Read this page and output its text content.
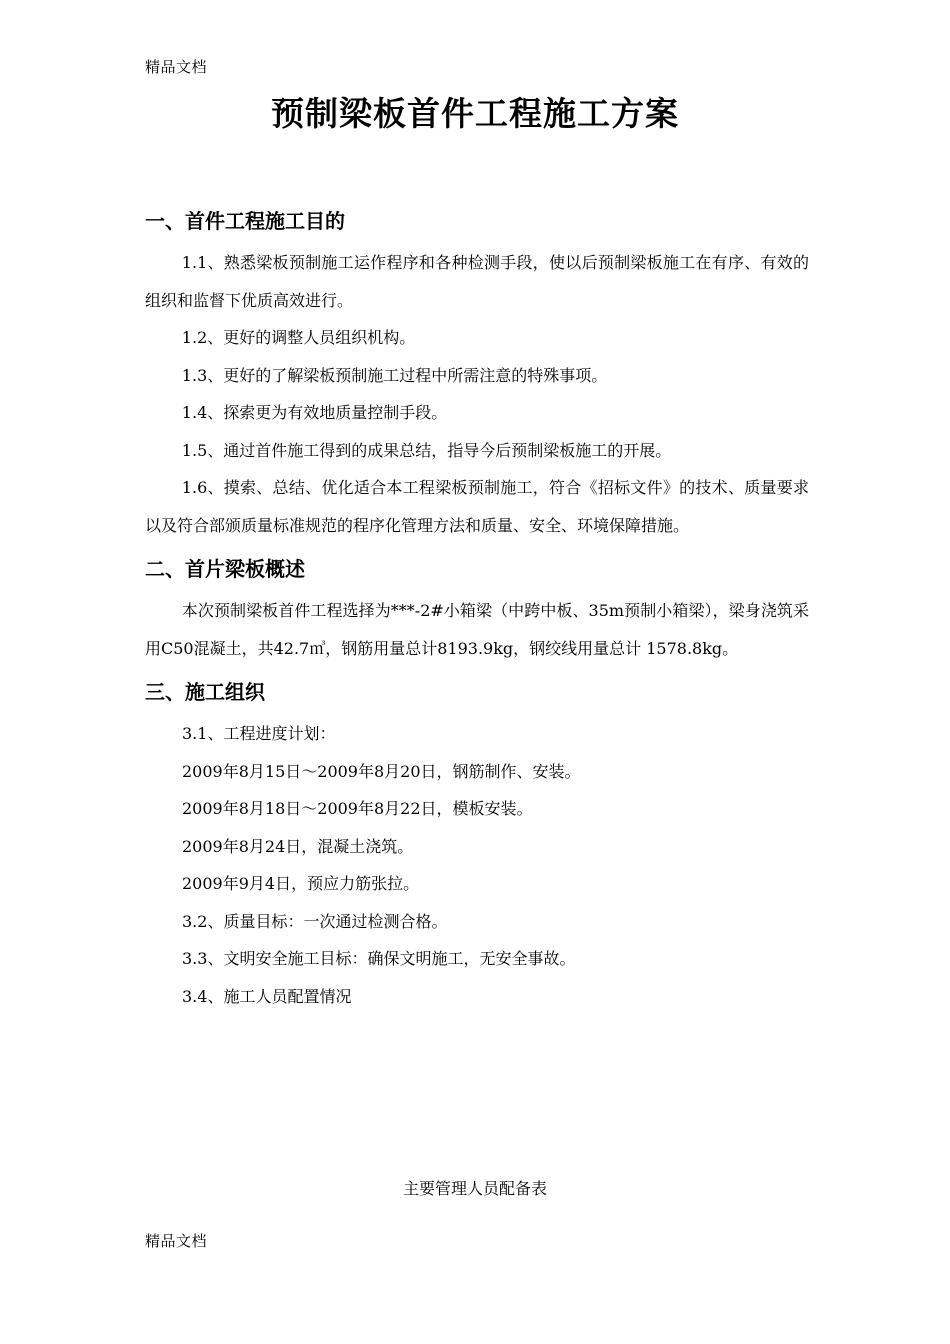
精品文档
预制梁板首件工程施工方案
一、首件工程施工目的

1.1、熟悉梁板预制施工运作程序和各种检测手段，使以后预制梁板施工在有序、有效的组织和监督下优质高效进行。

1.2、更好的调整人员组织机构。

1.3、更好的了解梁板预制施工过程中所需注意的特殊事项。

1.4、探索更为有效地质量控制手段。

1.5、通过首件施工得到的成果总结，指导今后预制梁板施工的开展。

1.6、摸索、总结、优化适合本工程梁板预制施工，符合《招标文件》的技术、质量要求以及符合部颁质量标准规范的程序化管理方法和质量、安全、环境保障措施。

二、首片梁板概述

本次预制梁板首件工程选择为***-2#小箱梁（中跨中板、35m预制小箱梁），梁身浇筑采用C50混凝土，共42.7㎥，钢筋用量总计8193.9kg，钢绞线用量总计 1578.8kg。

三、施工组织

3.1、工程进度计划：

2009年8月15日～2009年8月20日，钢筋制作、安装。

2009年8月18日～2009年8月22日，模板安装。

2009年8月24日，混凝土浇筑。

2009年9月4日，预应力筋张拉。

3.2、质量目标：一次通过检测合格。

3.3、文明安全施工目标：确保文明施工，无安全事故。

3.4、施工人员配置情况

主要管理人员配备表
精品文档
